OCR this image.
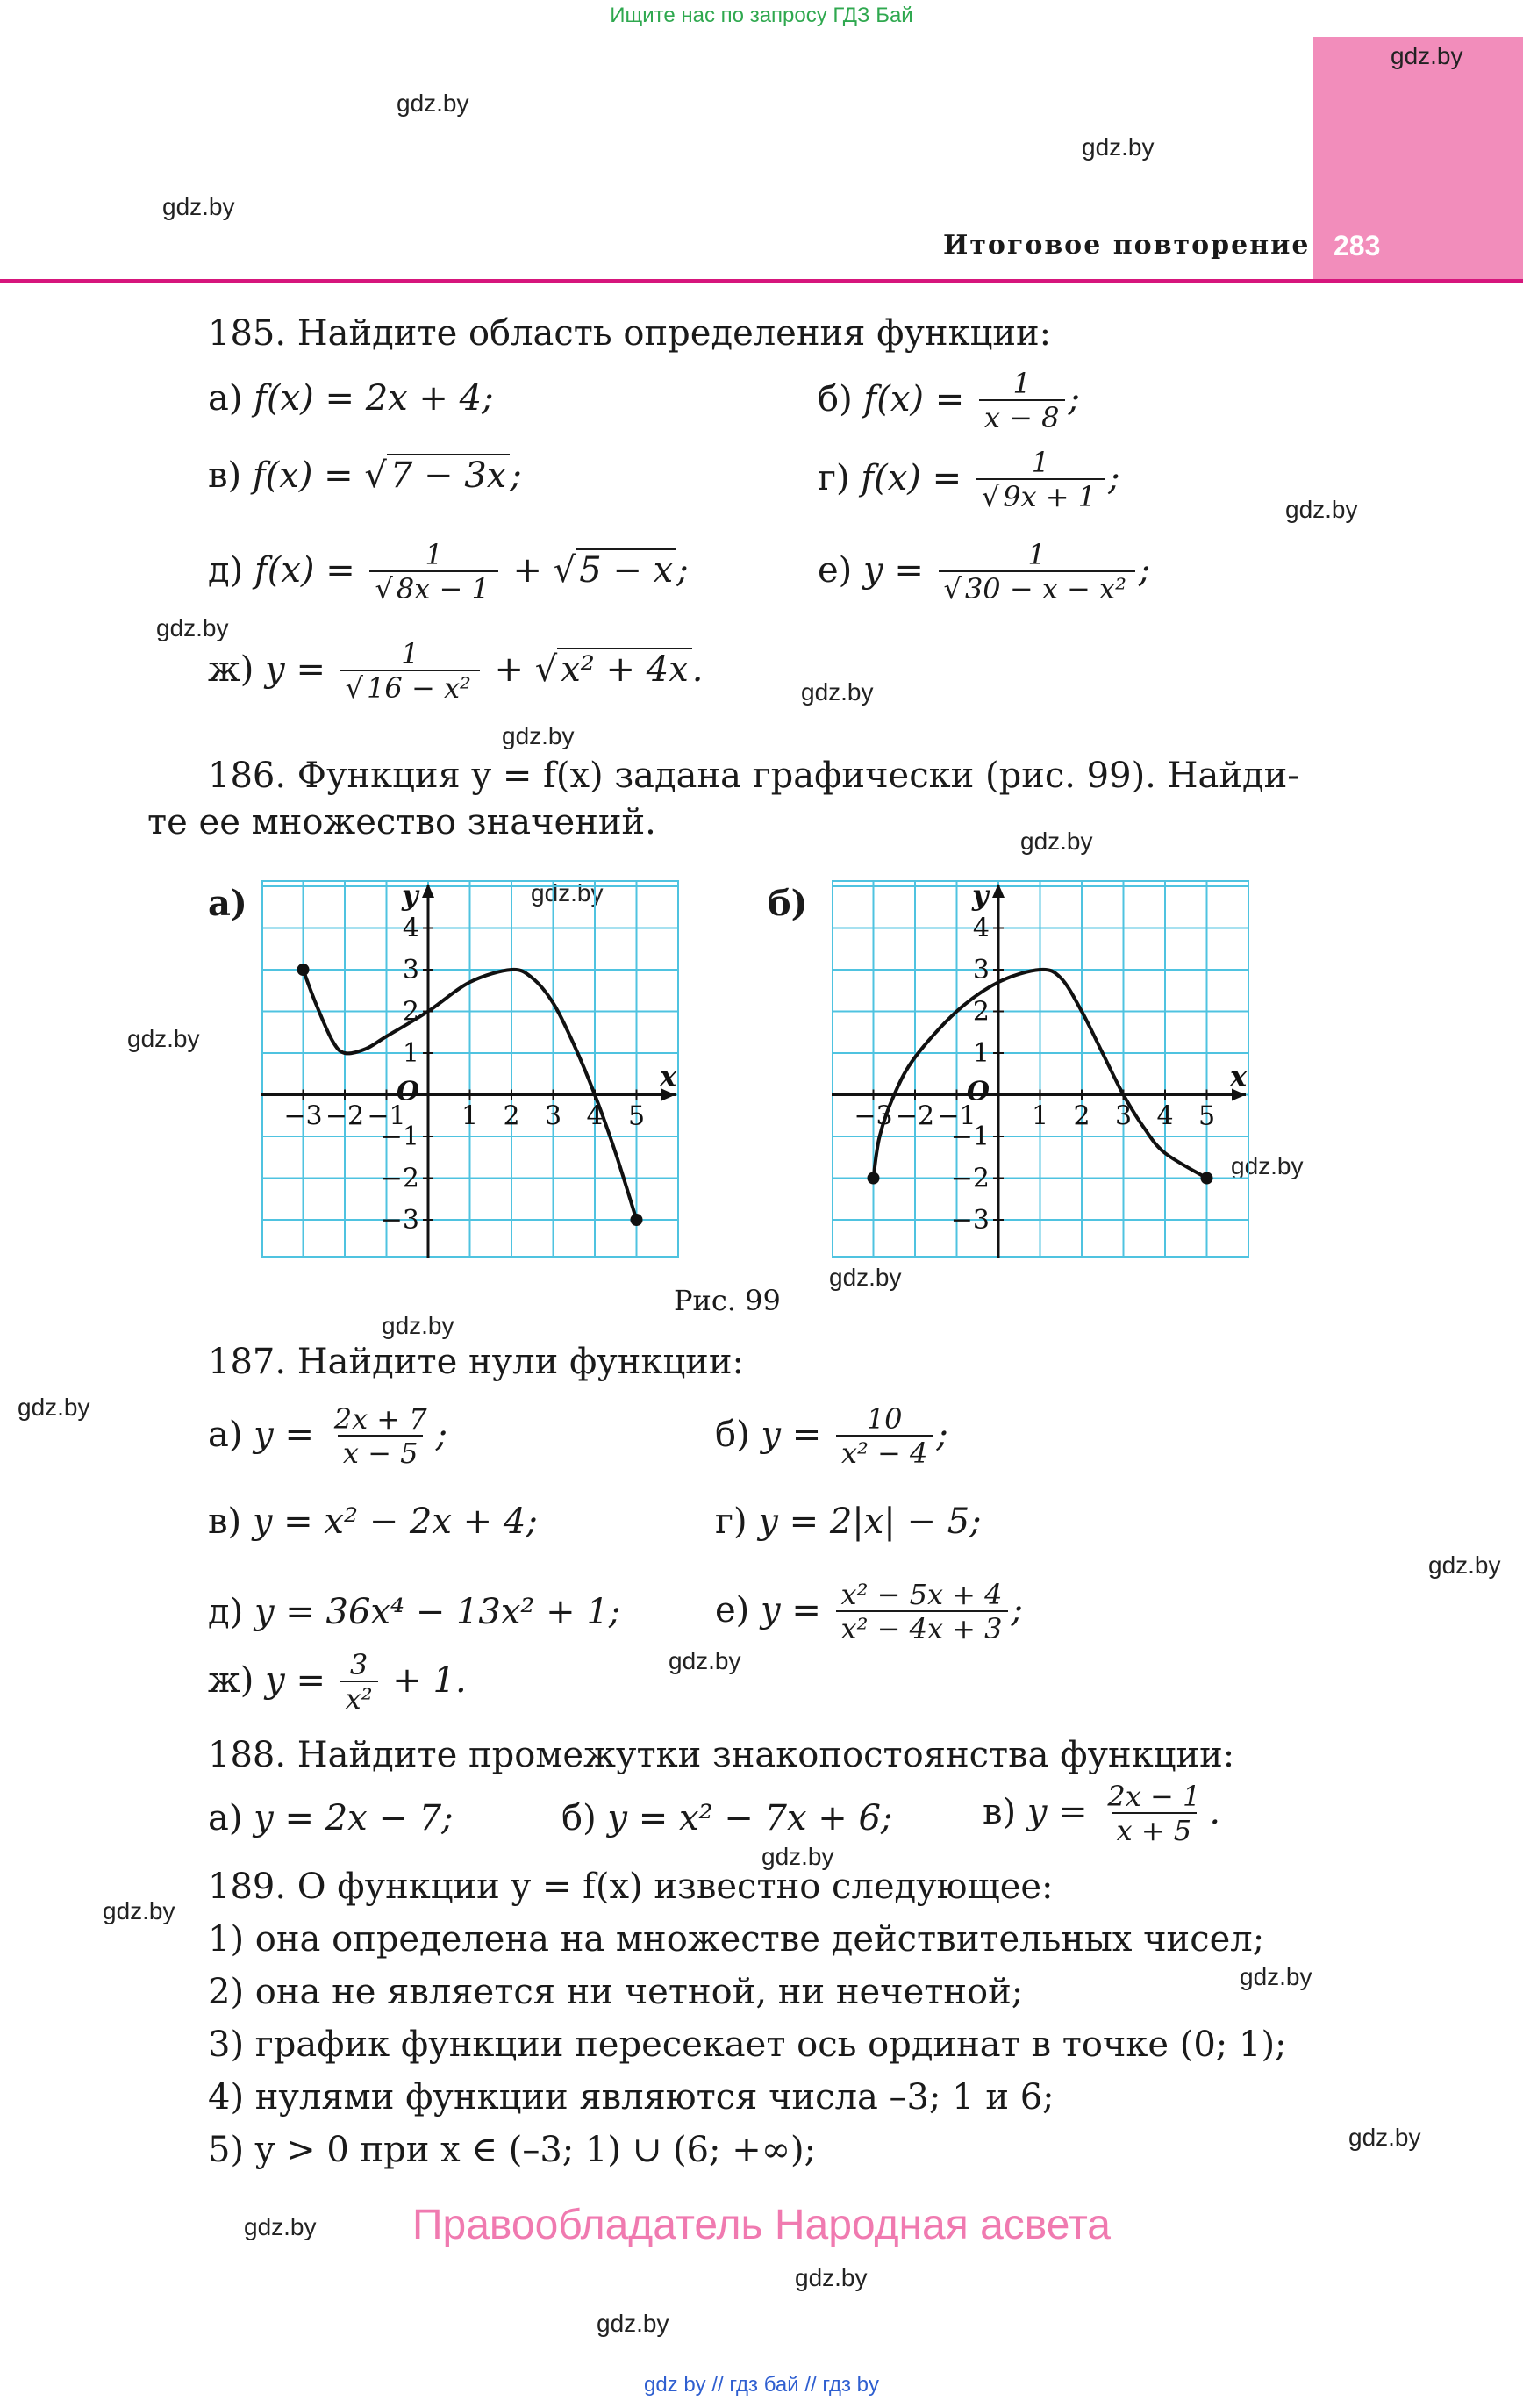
Ищите нас по запросу ГДЗ Бай
283
Итоговое повторение
gdz.by
gdz.by
gdz.by
gdz.by
gdz.by
gdz.by
gdz.by
gdz.by
gdz.by
gdz.by
gdz.by
gdz.by
gdz.by
gdz.by
gdz.by
gdz.by
gdz.by
gdz.by
gdz.by
gdz.by
gdz.by
gdz.by
gdz.by
gdz.by
185. Найдите область определения функции:
а) f(x) = 2x + 4;	б) $f(x) = \frac{1}{x - 8}$ ;
в) f(x) = √ 7 − 3x ;	г) $f(x) = \frac{1}{√ 9x + 1}$ ;
д) $f(x) = \frac{1}{√ 8x - 1}$ + √ 5 − x ;	е) $y = \frac{1}{\text{√ 30 − x − x²}}$ ;
ж) $y = \frac{1}{\text{√ 16 − x²}}$ + √ x² + 4x .
186. Функция y = f(x) задана графически (рис. 99). Найди-
те ее множество значений.
а)	б)
−3 −2 −1 1 2 3 4 5
−3
−2
−1
1
2
3
4
O	x
y
−3 −2 −1 1 2 3 4 5
−3
−2
−1
1
2
3
4
O	x
y
Рис. 99
187. Найдите нули функции:
а) $y = \frac{2x + 7}{x - 5}$ ;	б) $y = \frac{10}{\text{x² − 4}}$ ;
в) y = x² − 2x + 4;	г) y = 2|x| − 5;
д) y = 36x⁴ − 13x² + 1;	е) $y = \frac{\text{x² − 5x + 4}}{\text{x² − 4x + 3}}$ ;
ж) $y = \frac{3}{\text{x²}} + 1$.
188. Найдите промежутки знакопостоянства функции:
а) y = 2x − 7;	б) y = x² − 7x + 6;	в) $y = \frac{2x - 1}{x + 5}$ .
189. О функции y = f(x) известно следующее:
1) она определена на множестве действительных чисел;
2) она не является ни четной, ни нечетной;
3) график функции пересекает ось ординат в точке (0; 1);
4) нулями функции являются числа –3; 1 и 6;
5) y > 0 при x ∈ (–3; 1) ∪ (6; +∞);
Правообладатель Народная асвета
gdz by // гдз бай // гдз by
